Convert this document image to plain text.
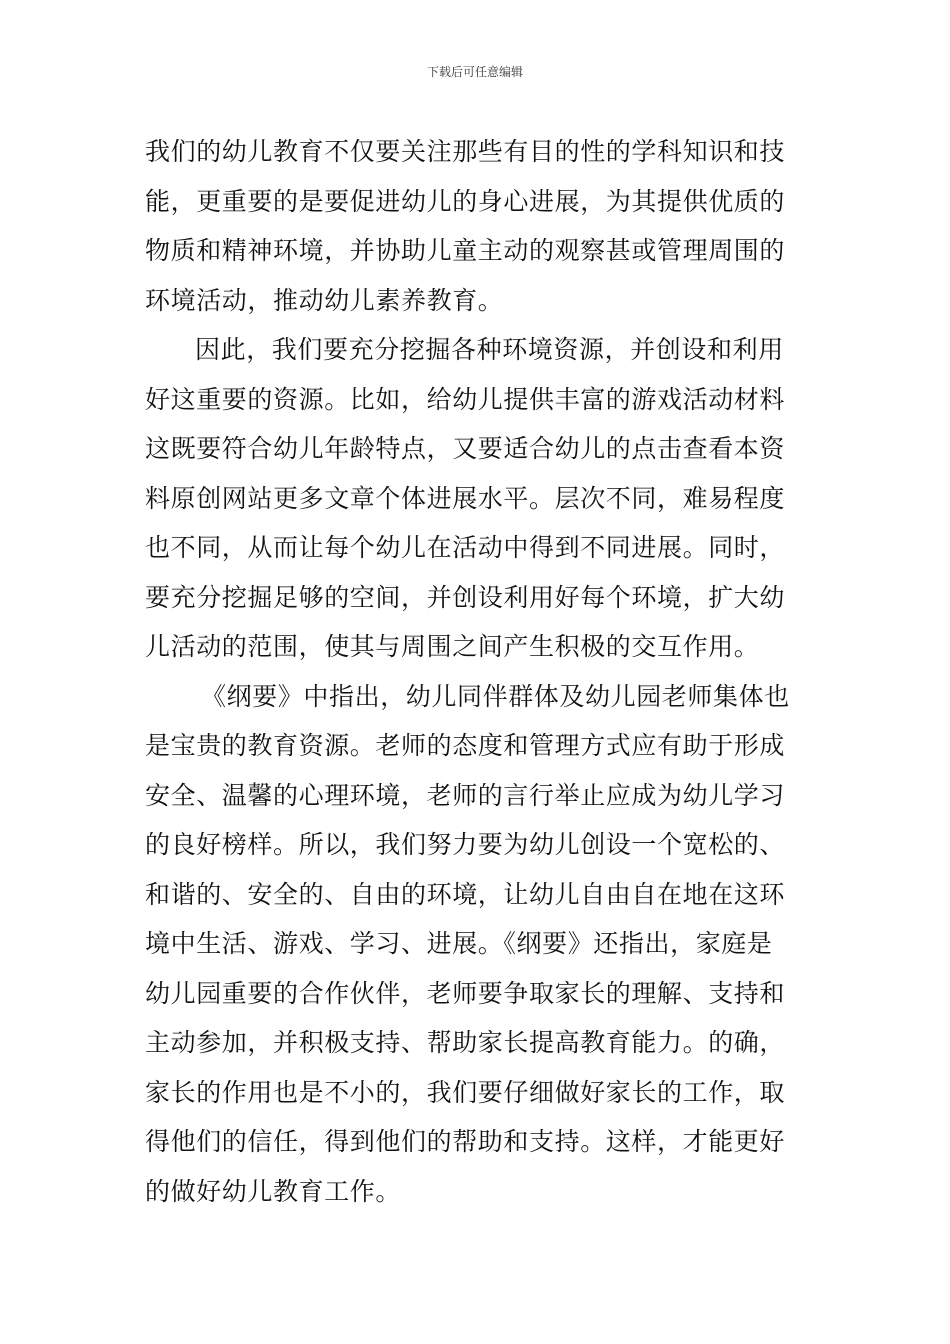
下载后可任意编辑
我们的幼儿教育不仅要关注那些有目的性的学科知识和技
能，更重要的是要促进幼儿的身心进展，为其提供优质的
物质和精神环境，并协助儿童主动的观察甚或管理周围的
环境活动，推动幼儿素养教育。
因此，我们要充分挖掘各种环境资源，并创设和利用
好这重要的资源。比如，给幼儿提供丰富的游戏活动材料
这既要符合幼儿年龄特点，又要适合幼儿的点击查看本资
料原创网站更多文章个体进展水平。层次不同，难易程度
也不同，从而让每个幼儿在活动中得到不同进展。同时，
要充分挖掘足够的空间，并创设利用好每个环境，扩大幼
儿活动的范围，使其与周围之间产生积极的交互作用。
《纲要》中指出，幼儿同伴群体及幼儿园老师集体也
是宝贵的教育资源。老师的态度和管理方式应有助于形成
安全、温馨的心理环境，老师的言行举止应成为幼儿学习
的良好榜样。所以，我们努力要为幼儿创设一个宽松的、
和谐的、安全的、自由的环境，让幼儿自由自在地在这环
境中生活、游戏、学习、进展。《纲要》还指出，家庭是
幼儿园重要的合作伙伴，老师要争取家长的理解、支持和
主动参加，并积极支持、帮助家长提高教育能力。的确，
家长的作用也是不小的，我们要仔细做好家长的工作，取
得他们的信任，得到他们的帮助和支持。这样，才能更好
的做好幼儿教育工作。
